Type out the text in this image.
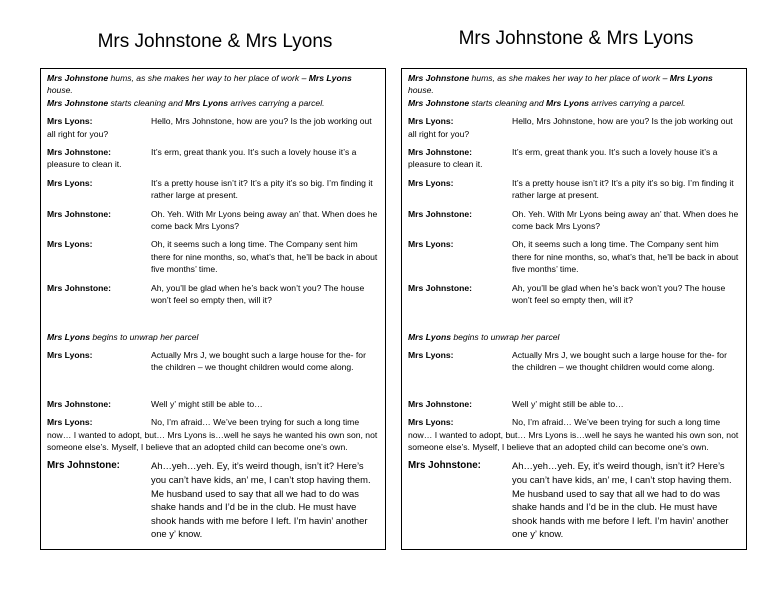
Mrs Johnstone & Mrs Lyons

Mrs Johnstone hums, as she makes her way to her place of work – Mrs Lyons house.
Mrs Johnstone starts cleaning and Mrs Lyons arrives carrying a parcel.

Mrs Lyons:	Hello, Mrs Johnstone, how are you? Is the job working out all right for you?
Mrs Johnstone:	It’s erm, great thank you. It’s such a lovely house it’s a pleasure to clean it.
Mrs Lyons:	It’s a pretty house isn’t it? It’s a pity it’s so big. I’m finding it rather large at present.
Mrs Johnstone:	Oh. Yeh. With Mr Lyons being away an’ that. When does he come back Mrs Lyons?
Mrs Lyons:	Oh, it seems such a long time. The Company sent him there for nine months, so, what’s that, he’ll be back in about five months’ time.
Mrs Johnstone:	Ah, you’ll be glad when he’s back won’t you? The house won’t feel so empty then, will it?

Mrs Lyons begins to unwrap her parcel

Mrs Lyons:	Actually Mrs J, we bought such a large house for the- for the children – we thought children would come along.
Mrs Johnstone:	Well y’ might still be able to…
Mrs Lyons:	No, I’m afraid… We’ve been trying for such a long time now… I wanted to adopt, but… Mrs Lyons is…well he says he wanted his own son, not someone else’s. Myself, I believe that an adopted child can become one’s own.
Mrs Johnstone:	Ah…yeh…yeh. Ey, it’s weird though, isn’t it? Here’s you can’t have kids, an’ me, I can’t stop having them. Me husband used to say that all we had to do was shake hands and I’d be in the club. He must have shook hands with me before I left. I’m havin’ another one y’ know.
Mrs Johnstone & Mrs Lyons

Mrs Johnstone hums, as she makes her way to her place of work – Mrs Lyons house.
Mrs Johnstone starts cleaning and Mrs Lyons arrives carrying a parcel.

Mrs Lyons:	Hello, Mrs Johnstone, how are you? Is the job working out all right for you?
Mrs Johnstone:	It’s erm, great thank you. It’s such a lovely house it’s a pleasure to clean it.
Mrs Lyons:	It’s a pretty house isn’t it? It’s a pity it’s so big. I’m finding it rather large at present.
Mrs Johnstone:	Oh. Yeh. With Mr Lyons being away an’ that. When does he come back Mrs Lyons?
Mrs Lyons:	Oh, it seems such a long time. The Company sent him there for nine months, so, what’s that, he’ll be back in about five months’ time.
Mrs Johnstone:	Ah, you’ll be glad when he’s back won’t you? The house won’t feel so empty then, will it?

Mrs Lyons begins to unwrap her parcel

Mrs Lyons:	Actually Mrs J, we bought such a large house for the- for the children – we thought children would come along.
Mrs Johnstone:	Well y’ might still be able to…
Mrs Lyons:	No, I’m afraid… We’ve been trying for such a long time now… I wanted to adopt, but… Mrs Lyons is…well he says he wanted his own son, not someone else’s. Myself, I believe that an adopted child can become one’s own.
Mrs Johnstone:	Ah…yeh…yeh. Ey, it’s weird though, isn’t it? Here’s you can’t have kids, an’ me, I can’t stop having them. Me husband used to say that all we had to do was shake hands and I’d be in the club. He must have shook hands with me before I left. I’m havin’ another one y’ know.
